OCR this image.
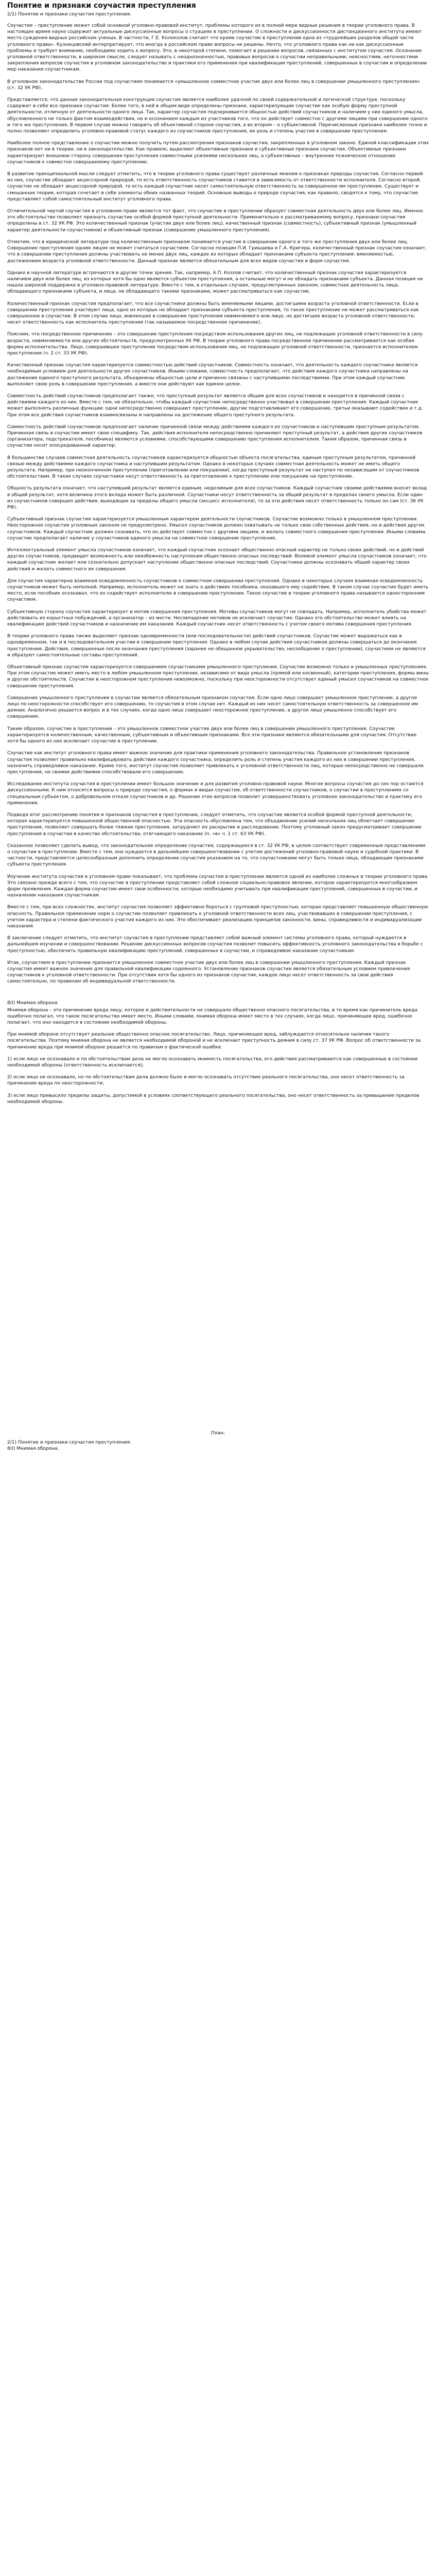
Понятие и признаки соучастия преступления
2/1) Понятие и признаки соучастия преступления.

Соучастие – преступление может собой основной уголовно-правовой институт, проблемы которого из в полной мере видные решения в теории уголовного права. В настоящее время науке содержит актуальные дискуссионные вопросы о стуациях в преступлении. О сложности и дискуссионности дистанционного института имеют место суждения видных российских ученых. В частности, Г.Е. Колоколов считает что кроме соучастие в преступлении одна из «труднейших разделов общей части уголовного права». Кузнецовский интерпретирует, что иногда в российском праве вопросы не решены. Нечто, что уголовного права как ни как дискуссионные проблемы и требует внимание, необходимо ходить к вопросу. Это, в некоторой степени, помогает в решении вопросов, связанных с институтом соучастия. Осознание уголовной ответственности, в широком смысле, следует называть с неоднозначностью, правовых вопросов о соучастии неправильными, неясностями, неточностями закрепления вопросов соучастия в уголовном законодательстве и практики его применения при квалификации преступлений, совершенных в соучастии и определении мер наказания соучастникам.

В уголовном законодательстве России под соучастием понимается «умышленное совместное участие двух или более лиц в совершении умышленного преступления» (ст. 32 УК РФ).

Представляется, что данная законодательная конструкция соучастия является наиболее удачной по своей содержательной и логической структуре, поскольку содержит в себе все признаки соучастия. Более того, в ней в общем виде определены признаки, характеризующие соучастие как особую форму преступной деятельности, отличную от деятельности одного лица. Так, характер соучастия подчеркивается общностью действий соучастников и наличием у них единого умысла, обусловленного не только фактом взаимодействия, но и осознанием каждым из участников того, что он действует совместно с другими лицами при совершении одного и того же преступления. В первом случае можно говорить об объективной стороне соучастия, а во втором – о субъективной. Перечисленные признаки наиболее точно и полно позволяют определить уголовно-правовой статус каждого из соучастников преступления, их роль и степень участия в совершении преступления.

Наиболее полное представление о соучастии можно получить путем рассмотрения признаков соучастия, закрепленных в уголовном законе. Единой классификации этих признаков нет ни в теории, ни в законодательстве. Как правило, выделяют объективные признаки и субъективные признаки соучастия. Объективные признаки характеризуют внешнюю сторону совершения преступления совместными усилиями нескольких лиц, а субъективные – внутреннее психическое отношение соучастников к совместно совершаемому преступлению.

В развитие принципиальной мысли следует отметить, что в теории уголовного права существует различные мнения о признаках природы соучастия. Согласно первой из них, соучастие обладает акцессорной природой, то есть ответственность соучастников ставится в зависимость от ответственности исполнителя. Согласно второй, соучастие не обладает акцессорной природой, то есть каждый соучастник несет самостоятельную ответственность за совершенное им преступление. Существует и смешанная теория, которая сочетает в себе элементы обеих названных теорий. Основные выводы о природе соучастия, как правило, сводятся к тому, что соучастие представляет собой самостоятельный институт уголовного права.

Отличительной чертой соучастия в уголовном праве является тот факт, что соучастие в преступлении образует совместная деятельность двух или более лиц. Именно это обстоятельство позволяет признать соучастие особой формой преступной деятельности. Применительно к рассматриваемому вопросу, признаки соучастия определены в ст. 32 УК РФ. Это количественный признак (участие двух или более лиц), качественный признак (совместность), субъективный признак (умышленный характер деятельности соучастников) и объективный признак (совершение умышленного преступления).

Отметим, что в юридической литературе под количественным признаком понимается участие в совершении одного и того же преступления двух или более лиц. Совершение преступления одним лицом не может считаться соучастием. Согласно позиции П.И. Гришаева и Г.А. Кригера, количественный признак соучастия означает, что в совершении преступления должны участвовать не менее двух лиц, каждое из которых обладает признаками субъекта преступления: вменяемостью, достижением возраста уголовной ответственности. Данный признак является обязательным для всех видов соучастия и форм соучастия.

Однако в научной литературе встречаются и другие точки зрения. Так, например, А.П. Козлов считает, что количественный признак соучастия характеризуется наличием двух или более лиц, из которых хотя бы одно является субъектом преступления, а остальные могут и не обладать признаками субъекта. Данная позиция не нашла широкой поддержки в уголовно-правовой литературе. Вместе с тем, в отдельных случаях, предусмотренных законом, совместная деятельность лица, обладающего признаками субъекта, и лица, не обладающего такими признаками, может рассматриваться как соучастие.

Количественный признак соучастия предполагает, что все соучастники должны быть вменяемыми лицами, достигшими возраста уголовной ответственности. Если в совершении преступления участвуют лица, одно из которых не обладает признаками субъекта преступления, то такое преступление не может рассматриваться как совершенное в соучастии. В этом случае лицо, вовлекшее в совершение преступления невменяемого или лицо, не достигшее возраста уголовной ответственности, несет ответственность как исполнитель преступления (так называемое посредственное причинение).

Поясним, что посредственное причинение – это совершение преступления посредством использования других лиц, не подлежащих уголовной ответственности в силу возраста, невменяемости или других обстоятельств, предусмотренных УК РФ. В теории уголовного права посредственное причинение рассматривается как особая форма исполнительства. Лицо, совершившее преступление посредством использования лиц, не подлежащих уголовной ответственности, признается исполнителем преступления (ч. 2 ст. 33 УК РФ).

Качественный признак соучастия характеризуется совместностью действий соучастников. Совместность означает, что деятельность каждого соучастника является необходимым условием для деятельности других соучастников. Иными словами, совместность предполагает, что действия каждого соучастника направлены на достижение единого преступного результата, объединены общностью цели и причинно связаны с наступившими последствиями. При этом каждый соучастник выполняет свою роль в совершении преступления, а вместе они действуют как единое целое.

Совместность действий соучастников предполагает также, что преступный результат является общим для всех соучастников и находится в причинной связи с действиями каждого из них. Вместе с тем, не обязательно, чтобы каждый соучастник непосредственно участвовал в совершении преступления. Каждый соучастник может выполнять различные функции: одни непосредственно совершают преступление, другие подготавливают его совершение, третьи оказывают содействие и т.д. При этом все действия соучастников взаимосвязаны и направлены на достижение общего преступного результата.

Совместность действий соучастников предполагает наличие причинной связи между действиями каждого из соучастников и наступившим преступным результатом. Причинная связь в соучастии имеет свою специфику. Так, действия исполнителя непосредственно причиняют преступный результат, а действия других соучастников (организатора, подстрекателя, пособника) являются условиями, способствующими совершению преступления исполнителем. Таким образом, причинная связь в соучастии носит опосредованный характер.

В большинстве случаев совместная деятельность соучастников характеризуется общностью объекта посягательства, единым преступным результатом, причинной связью между действиями каждого соучастника и наступившим результатом. Однако в некоторых случаях совместная деятельность может не иметь общего результата. Например, при неоконченном преступлении (приготовлении или покушении), когда преступный результат не наступил по независящим от соучастников обстоятельствам. В таких случаях соучастники несут ответственность за приготовление к преступлению или покушение на преступление.

Общность результата означает, что наступивший результат является единым, неделимым для всех соучастников. Каждый соучастник своими действиями вносит вклад в общий результат, хотя величина этого вклада может быть различной. Соучастники несут ответственность за общий результат в пределах своего умысла. Если один из соучастников совершил действия, выходящие за пределы общего умысла (эксцесс исполнителя), то за эти действия несет ответственность только он сам (ст. 36 УК РФ).

Субъективный признак соучастия характеризуется умышленным характером деятельности соучастников. Соучастие возможно только в умышленном преступлении. Неосторожное соучастие уголовным законом не предусмотрено. Умысел соучастников должен охватывать не только свои собственные действия, но и действия других соучастников. Каждый соучастник должен сознавать, что он действует совместно с другими лицами, и желать совместного совершения преступления. Иными словами, соучастие предполагает наличие у соучастников единого умысла на совместное совершение преступления.

Интеллектуальный элемент умысла соучастников означает, что каждый соучастник осознает общественно опасный характер не только своих действий, но и действий других соучастников, предвидит возможность или неизбежность наступления общественно опасных последствий. Волевой элемент умысла соучастников означает, что каждый соучастник желает или сознательно допускает наступление общественно опасных последствий. Соучастники должны осознавать общий характер своих действий и желать совместного их совершения.

Для соучастия характерна взаимная осведомленность соучастников о совместном совершении преступления. Однако в некоторых случаях взаимная осведомленность соучастников может быть неполной. Например, исполнитель может не знать о действиях пособника, оказавшего ему содействие. В таком случае соучастие будет иметь место, если пособник осознавал, что он содействует исполнителю в совершении преступления. Такое соучастие в теории уголовного права называется односторонним соучастием.

Субъективную сторону соучастия характеризует и мотив совершения преступления. Мотивы соучастников могут не совпадать. Например, исполнитель убийства может действовать из корыстных побуждений, а организатор – из мести. Несовпадение мотивов не исключает соучастия. Однако это обстоятельство может влиять на квалификацию действий соучастников и назначение им наказания. Каждый соучастник несет ответственность с учетом своего мотива совершения преступления.

В теории уголовного права также выделяют признак одновременности (или последовательности) действий соучастников. Соучастие может выражаться как в одновременном, так и в последовательном участии в совершении преступления. Однако в любом случае действия соучастников должны совершаться до окончания преступления. Действия, совершенные после окончания преступления (заранее не обещанное укрывательство, несообщение о преступлении), соучастием не являются и образуют самостоятельные составы преступлений.

Объективный признак соучастия характеризуется совершением соучастниками умышленного преступления. Соучастие возможно только в умышленных преступлениях. При этом соучастие может иметь место в любом умышленном преступлении, независимо от вида умысла (прямой или косвенный), категории преступления, формы вины и других обстоятельств. Соучастие в неосторожном преступлении невозможно, поскольку при неосторожности отсутствует единый умысел соучастников на совместное совершение преступления.

Совершение умышленного преступления в соучастии является обязательным признаком соучастия. Если одно лицо совершает умышленное преступление, а другое лицо по неосторожности способствует его совершению, то соучастия в этом случае нет. Каждый из них несет самостоятельную ответственность за совершенное им деяние. Аналогично решается вопрос и в тех случаях, когда одно лицо совершает неосторожное преступление, а другое лицо умышленно способствует его совершению.

Таким образом, соучастие в преступлении – это умышленное совместное участие двух или более лиц в совершении умышленного преступления. Соучастие характеризуется количественным, качественным, субъективным и объективным признаками. Все эти признаки являются обязательными для соучастия. Отсутствие хотя бы одного из них исключает соучастие в преступлении.

Соучастие как институт уголовного права имеет важное значение для практики применения уголовного законодательства. Правильное установление признаков соучастия позволяет правильно квалифицировать действия каждого соучастника, определить роль и степень участия каждого из них в совершении преступления, назначить справедливое наказание. Кроме того, институт соучастия позволяет привлекать к уголовной ответственности лиц, которые непосредственно не совершали преступления, но своими действиями способствовали его совершению.

Исследование института соучастия в преступлении имеет большое значение и для развития уголовно-правовой науки. Многие вопросы соучастия до сих пор остаются дискуссионными. К ним относятся вопросы о природе соучастия, о формах и видах соучастия, об ответственности соучастников, о соучастии в преступлениях со специальным субъектом, о добровольном отказе соучастников и др. Решение этих вопросов позволит усовершенствовать уголовное законодательство и практику его применения.

Подводя итог рассмотрению понятия и признаков соучастия в преступлении, следует отметить, что соучастие является особой формой преступной деятельности, которая характеризуется повышенной общественной опасностью. Эта опасность обусловлена тем, что объединение усилий нескольких лиц облегчает совершение преступления, позволяет совершать более тяжкие преступления, затрудняет их раскрытие и расследование. Поэтому уголовный закон предусматривает совершение преступления в соучастии в качестве обстоятельства, отягчающего наказание (п. «в» ч. 1 ст. 63 УК РФ).

Сказанное позволяет сделать вывод, что законодательное определение соучастия, содержащееся в ст. 32 УК РФ, в целом соответствует современным представлениям о соучастии в преступлении. Вместе с тем, оно нуждается в дальнейшем совершенствовании с учетом достижений уголовно-правовой науки и судебной практики. В частности, представляется целесообразным дополнить определение соучастия указанием на то, что соучастниками могут быть только лица, обладающие признаками субъекта преступления.

Изучение института соучастия в уголовном праве показывает, что проблема соучастия в преступлении является одной из наиболее сложных в теории уголовного права. Это связано прежде всего с тем, что соучастие в преступлении представляет собой сложное социально-правовое явление, которое характеризуется многообразием форм проявления. Каждая форма соучастия имеет свои особенности, которые необходимо учитывать при квалификации преступлений, совершенных в соучастии, и назначении наказания соучастникам.

Вместе с тем, при всех сложностях, институт соучастия позволяет эффективно бороться с групповой преступностью, которая представляет повышенную общественную опасность. Правильное применение норм о соучастии позволяет привлекать к уголовной ответственности всех лиц, участвовавших в совершении преступления, с учетом характера и степени фактического участия каждого из них. Это обеспечивает реализацию принципов законности, вины, справедливости и индивидуализации наказания.

В заключение следует отметить, что институт соучастия в преступлении представляет собой важный элемент системы уголовного права, который нуждается в дальнейшем изучении и совершенствовании. Решение дискуссионных вопросов соучастия позволит повысить эффективность уголовного законодательства в борьбе с преступностью, обеспечить правильную квалификацию преступлений, совершенных в соучастии, и справедливое наказание соучастникам.

Итак, соучастием в преступлении признается умышленное совместное участие двух или более лиц в совершении умышленного преступления. Каждый признак соучастия имеет важное значение для правильной квалификации содеянного. Установление признаков соучастия является обязательным условием привлечения соучастников к уголовной ответственности. При отсутствии хотя бы одного из признаков соучастия, каждое лицо несет ответственность за свои действия самостоятельно, по правилам об индивидуальной ответственности.

8(I) Мнимая оборона

Мнимая оборона – это причинение вреда лицу, которое в действительности не совершало общественно опасного посягательства, в то время как причинитель вреда ошибочно полагал, что такое посягательство имеет место. Иными словами, мнимая оборона имеет место в тех случаях, когда лицо, причиняющее вред, ошибочно полагает, что оно находится в состоянии необходимой обороны.

При мнимой обороне отсутствует реальное общественно опасное посягательство. Лицо, причиняющее вред, заблуждается относительно наличия такого посягательства. Поэтому мнимая оборона не является необходимой обороной и не исключает преступность деяния в силу ст. 37 УК РФ. Вопрос об ответственности за причинение вреда при мнимой обороне решается по правилам о фактической ошибке.

1) если лицо не осознавало и по обстоятельствам дела не могло осознавать мнимость посягательства, его действия рассматриваются как совершенные в состоянии необходимой обороны (ответственность исключается);

2) если лицо не осознавало, но по обстоятельствам дела должно было и могло осознавать отсутствие реального посягательства, оно несет ответственность за причинение вреда по неосторожности;

3) если лицо превысило пределы защиты, допустимой в условиях соответствующего реального посягательства, оно несет ответственность за превышение пределов необходимой обороны.

План:
2/1) Понятие и признаки соучастия преступления.
8(I) Мнимая оборона.
